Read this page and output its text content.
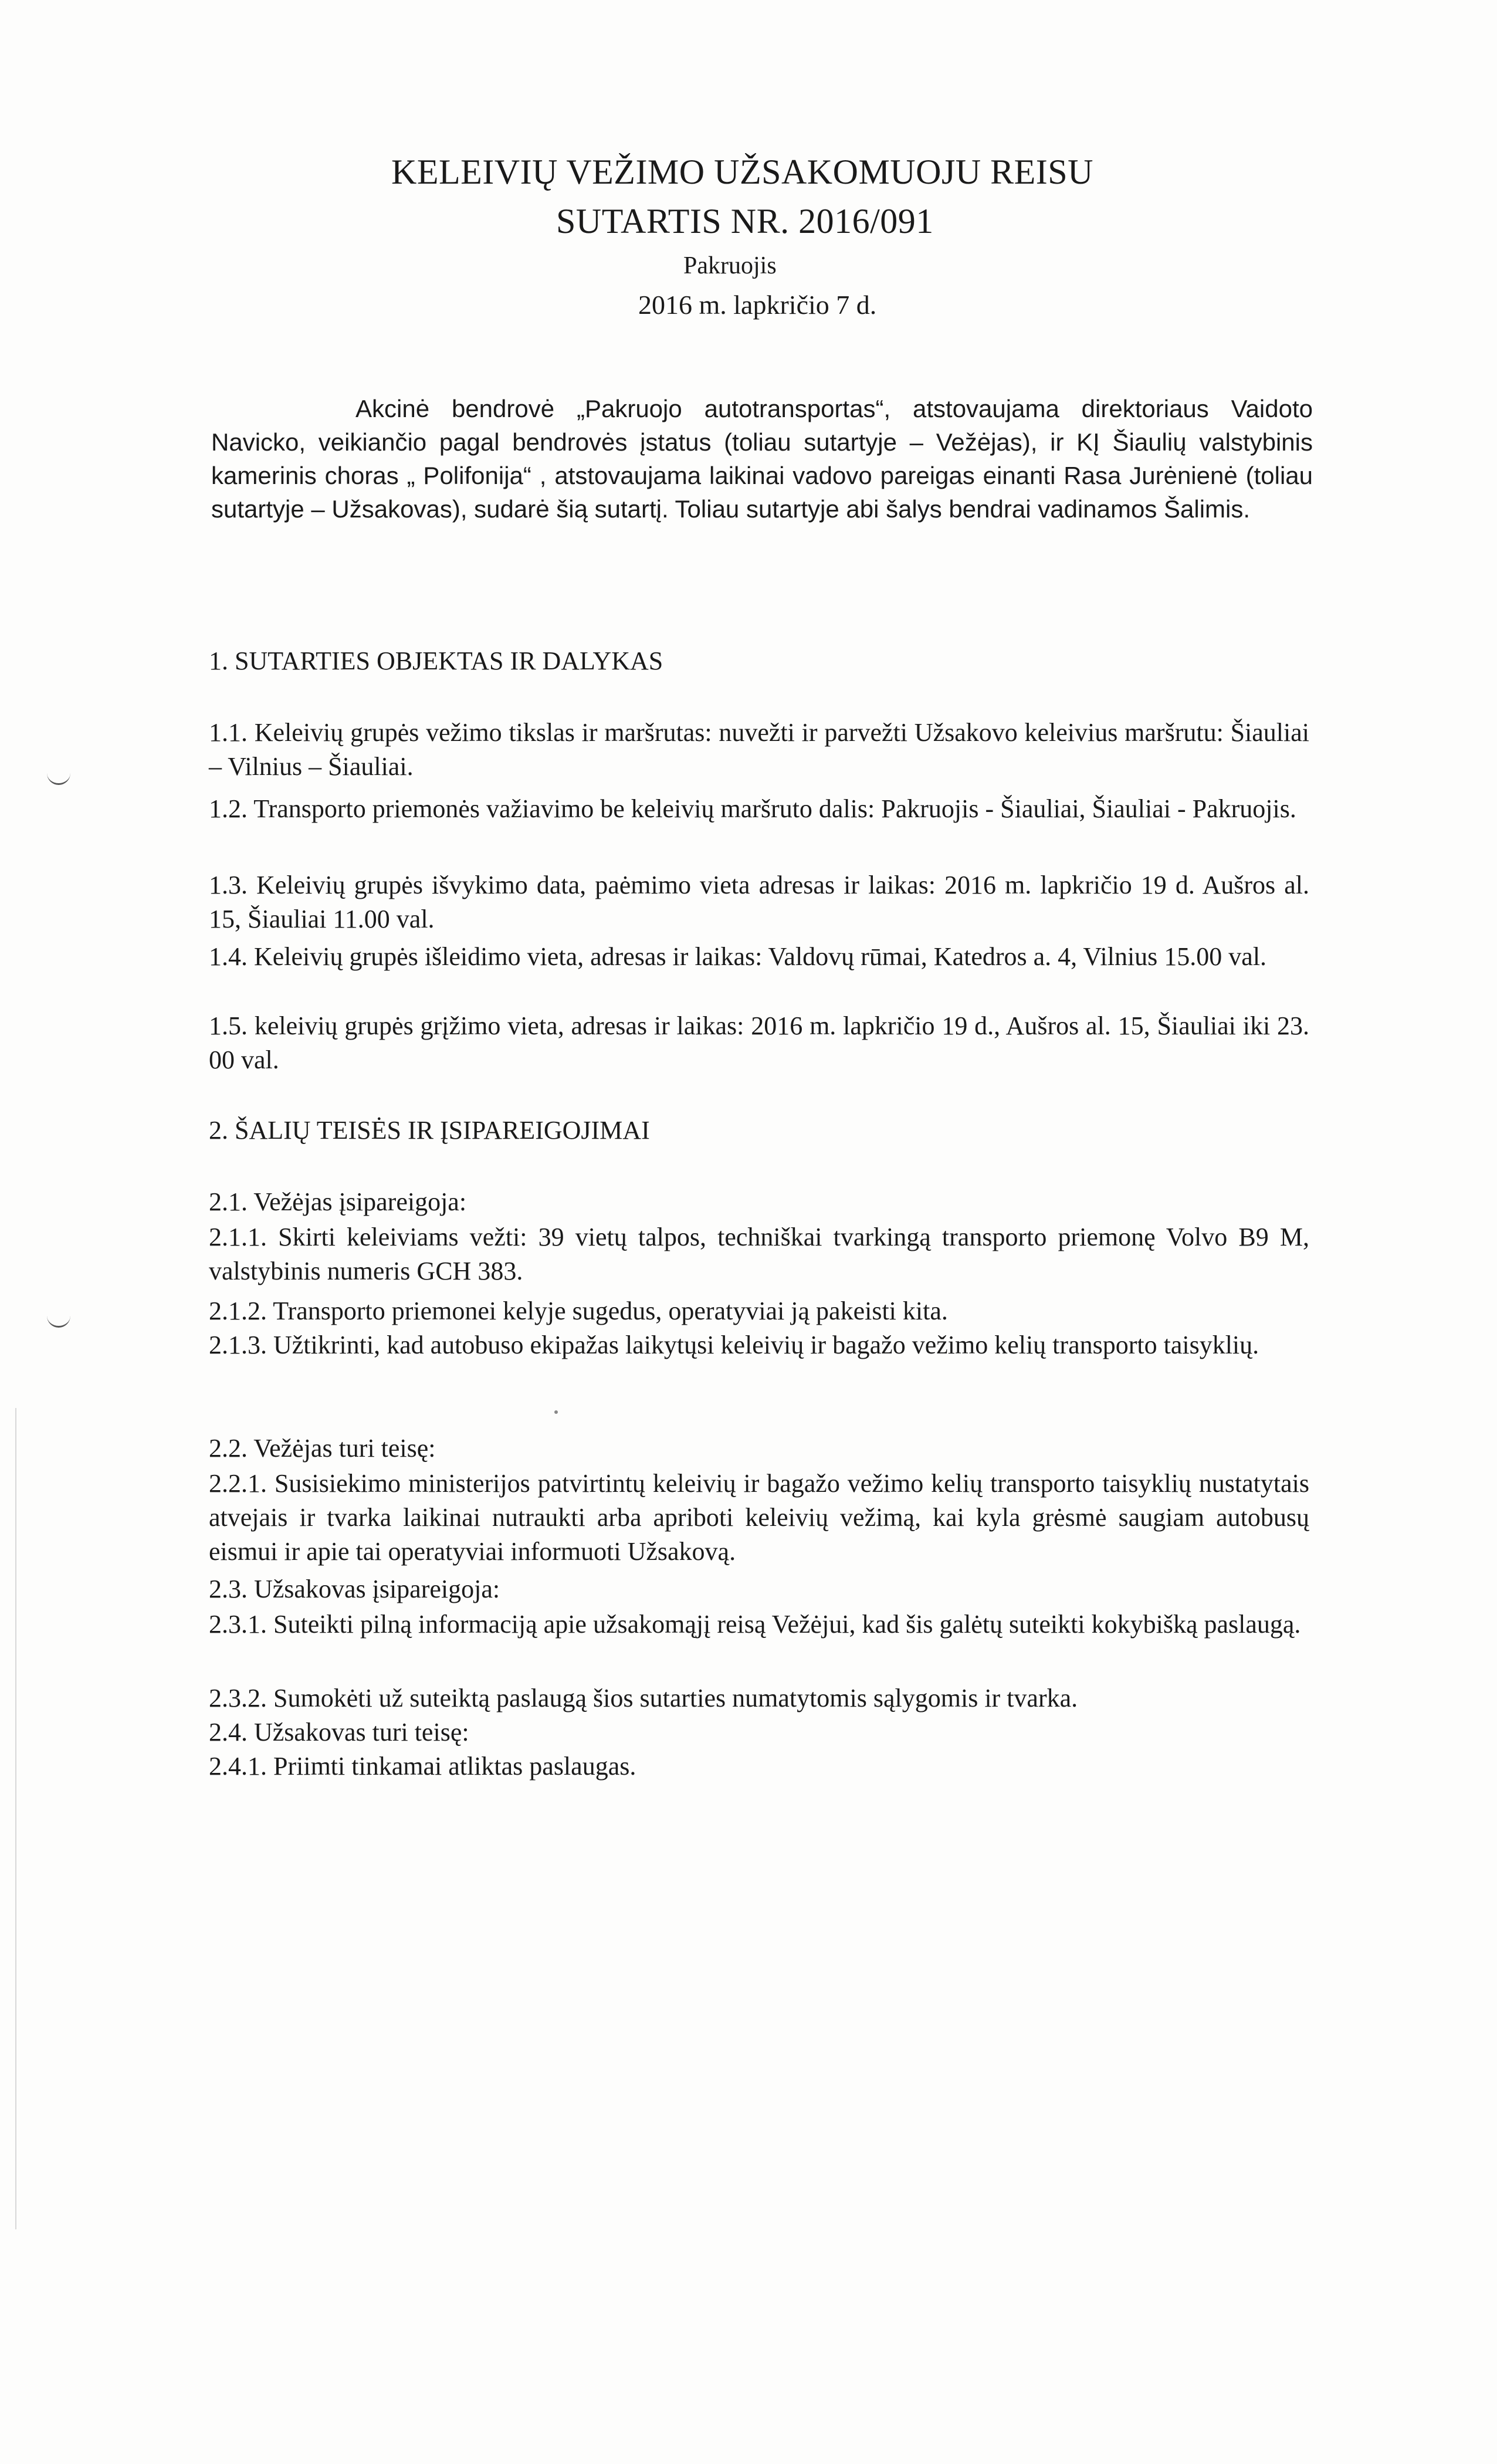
KELEIVIŲ VEŽIMO UŽSAKOMUOJU REISU
SUTARTIS NR. 2016/091
Pakruojis
2016 m. lapkričio 7 d.

Akcinė bendrovė „Pakruojo autotransportas“, atstovaujama direktoriaus Vaidoto Navicko, veikiančio pagal bendrovės įstatus (toliau sutartyje – Vežėjas), ir KĮ Šiaulių valstybinis kamerinis choras „ Polifonija“ , atstovaujama laikinai vadovo pareigas einanti Rasa Jurėnienė (toliau sutartyje – Užsakovas), sudarė šią sutartį. Toliau sutartyje abi šalys bendrai vadinamos Šalimis.

1. SUTARTIES OBJEKTAS IR DALYKAS

1.1. Keleivių grupės vežimo tikslas ir maršrutas: nuvežti ir parvežti Užsakovo keleivius maršrutu: Šiauliai – Vilnius – Šiauliai.

1.2. Transporto priemonės važiavimo be keleivių maršruto dalis: Pakruojis - Šiauliai, Šiauliai - Pakruojis.

1.3. Keleivių grupės išvykimo data, paėmimo vieta adresas ir laikas: 2016 m. lapkričio 19 d. Aušros al. 15, Šiauliai 11.00 val.

1.4. Keleivių grupės išleidimo vieta, adresas ir laikas: Valdovų rūmai, Katedros a. 4, Vilnius 15.00 val.

1.5. keleivių grupės grįžimo vieta, adresas ir laikas: 2016 m. lapkričio 19 d., Aušros al. 15, Šiauliai iki 23. 00 val.

2. ŠALIŲ TEISĖS IR ĮSIPAREIGOJIMAI

2.1. Vežėjas įsipareigoja:

2.1.1. Skirti keleiviams vežti: 39 vietų talpos, techniškai tvarkingą transporto priemonę Volvo B9 M, valstybinis numeris GCH 383.

2.1.2. Transporto priemonei kelyje sugedus, operatyviai ją pakeisti kita.

2.1.3. Užtikrinti, kad autobuso ekipažas laikytųsi keleivių ir bagažo vežimo kelių transporto taisyklių.

2.2. Vežėjas turi teisę:

2.2.1. Susisiekimo ministerijos patvirtintų keleivių ir bagažo vežimo kelių transporto taisyklių nustatytais atvejais ir tvarka laikinai nutraukti arba apriboti keleivių vežimą, kai kyla grėsmė saugiam autobusų eismui ir apie tai operatyviai informuoti Užsakovą.

2.3. Užsakovas įsipareigoja:

2.3.1. Suteikti pilną informaciją apie užsakomąjį reisą Vežėjui, kad šis galėtų suteikti kokybišką paslaugą.

2.3.2. Sumokėti už suteiktą paslaugą šios sutarties numatytomis sąlygomis ir tvarka.

2.4. Užsakovas turi teisę:

2.4.1. Priimti tinkamai atliktas paslaugas.
